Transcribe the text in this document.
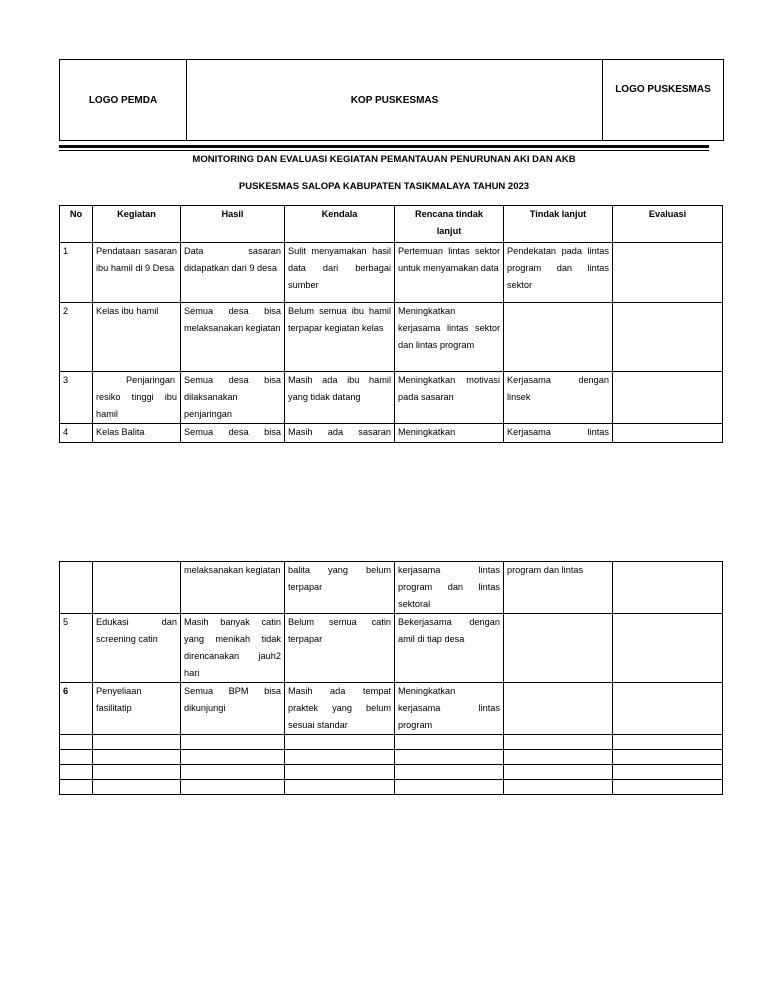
LOGO PEMDA	KOP PUSKESMAS	LOGO PUSKESMAS
MONITORING DAN EVALUASI KEGIATAN PEMANTAUAN PENURUNAN AKI DAN AKB
PUSKESMAS SALOPA KABUPATEN TASIKMALAYA TAHUN 2023
No	Kegiatan	Hasil	Kendala	Rencana tindak lanjut	Tindak lanjut	Evaluasi
1	Pendataan sasaran ibu hamil di 9 Desa	Data sasaran didapatkan dari 9 desa	Sulit menyamakan hasil data dari berbagai sumber	Pertemuan lintas sektor untuk menyamakan data	Pendekatan pada lintas program dan lintas sektor	
2	Kelas ibu hamil	Semua desa bisa melaksanakan kegiatan	Belum semua ibu hamil terpapar kegiatan kelas	Meningkatkan kerjasama lintas sektor dan lintas program		
3	Penjaringan resiko tinggi ibu hamil	Semua desa bisa dilaksanakan penjaringan	Masih ada ibu hamil yang tidak datang	Meningkatkan motivasi pada sasaran	Kerjasama dengan linsek	
4	Kelas Balita	Semua desa bisa	Masih ada sasaran	Meningkatkan	Kerjasama lintas	
		melaksanakan kegiatan	balita yang belum terpapar	kerjasama lintas program dan lintas sektoral	program dan lintas	
5	Edukasi dan screening catin	Masih banyak catin yang menikah tidak direncanakan jauh2 hari	Belum semua catin terpapar	Bekerjasama dengan amil di tiap desa		
6	Penyeliaan fasilitatip	Semua BPM bisa dikunjungi	Masih ada tempat praktek yang belum sesuai standar	Meningkatkan kerjasama lintas program		
